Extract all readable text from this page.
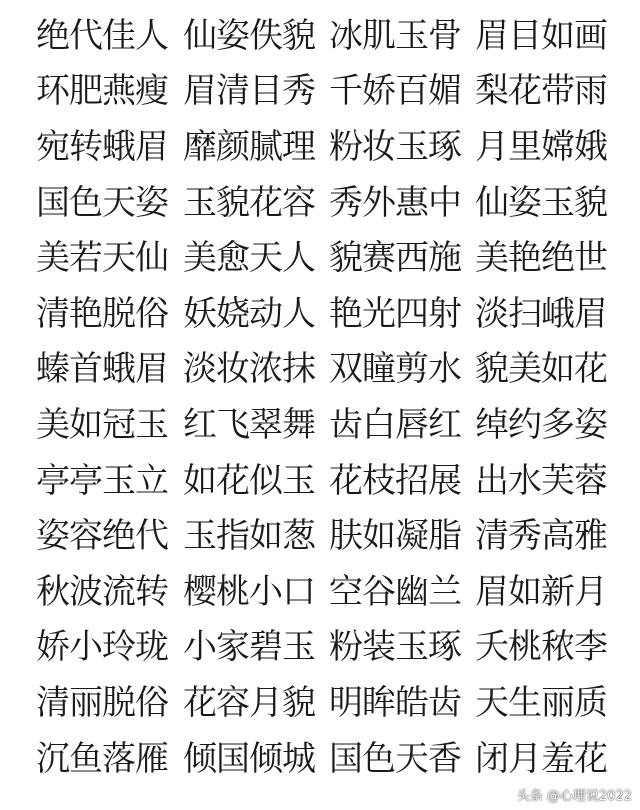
绝代佳人 仙姿佚貌 冰肌玉骨 眉目如画
环肥燕瘦 眉清目秀 千娇百媚 梨花带雨
宛转蛾眉 靡颜腻理 粉妆玉琢 月里嫦娥
国色天姿 玉貌花容 秀外惠中 仙姿玉貌
美若天仙 美愈天人 貌赛西施 美艳绝世
清艳脱俗 妖娆动人 艳光四射 淡扫峨眉
螓首蛾眉 淡妆浓抹 双瞳剪水 貌美如花
美如冠玉 红飞翠舞 齿白唇红 绰约多姿
亭亭玉立 如花似玉 花枝招展 出水芙蓉
姿容绝代 玉指如葱 肤如凝脂 清秀高雅
秋波流转 樱桃小口 空谷幽兰 眉如新月
娇小玲珑 小家碧玉 粉装玉琢 夭桃秾李
清丽脱俗 花容月貌 明眸皓齿 天生丽质
沉鱼落雁 倾国倾城 国色天香 闭月羞花
头条 @心理说2022
